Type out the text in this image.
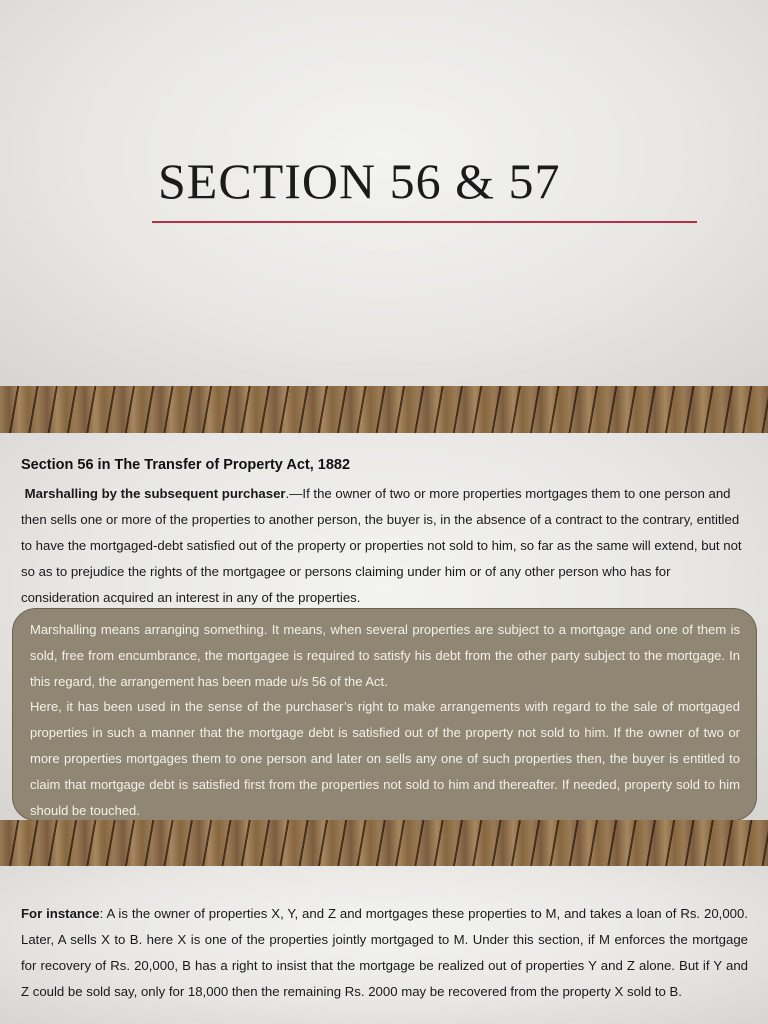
SECTION 56 & 57
Section 56 in The Transfer of Property Act, 1882

Marshalling by the subsequent purchaser.—If the owner of two or more properties mortgages them to one person and then sells one or more of the properties to another person, the buyer is, in the absence of a contract to the contrary, entitled to have the mortgaged-debt satisfied out of the property or properties not sold to him, so far as the same will extend, but not so as to prejudice the rights of the mortgagee or persons claiming under him or of any other person who has for consideration acquired an interest in any of the properties.

Marshalling means arranging something. It means, when several properties are subject to a mortgage and one of them is sold, free from encumbrance, the mortgagee is required to satisfy his debt from the other party subject to the mortgage. In this regard, the arrangement has been made u/s 56 of the Act.

Here, it has been used in the sense of the purchaser’s right to make arrangements with regard to the sale of mortgaged properties in such a manner that the mortgage debt is satisfied out of the property not sold to him. If the owner of two or more properties mortgages them to one person and later on sells any one of such properties then, the buyer is entitled to claim that mortgage debt is satisfied first from the properties not sold to him and thereafter. If needed, property sold to him should be touched.

For instance: A is the owner of properties X, Y, and Z and mortgages these properties to M, and takes a loan of Rs. 20,000. Later, A sells X to B. here X is one of the properties jointly mortgaged to M. Under this section, if M enforces the mortgage for recovery of Rs. 20,000, B has a right to insist that the mortgage be realized out of properties Y and Z alone. But if Y and Z could be sold say, only for 18,000 then the remaining Rs. 2000 may be recovered from the property X sold to B.
